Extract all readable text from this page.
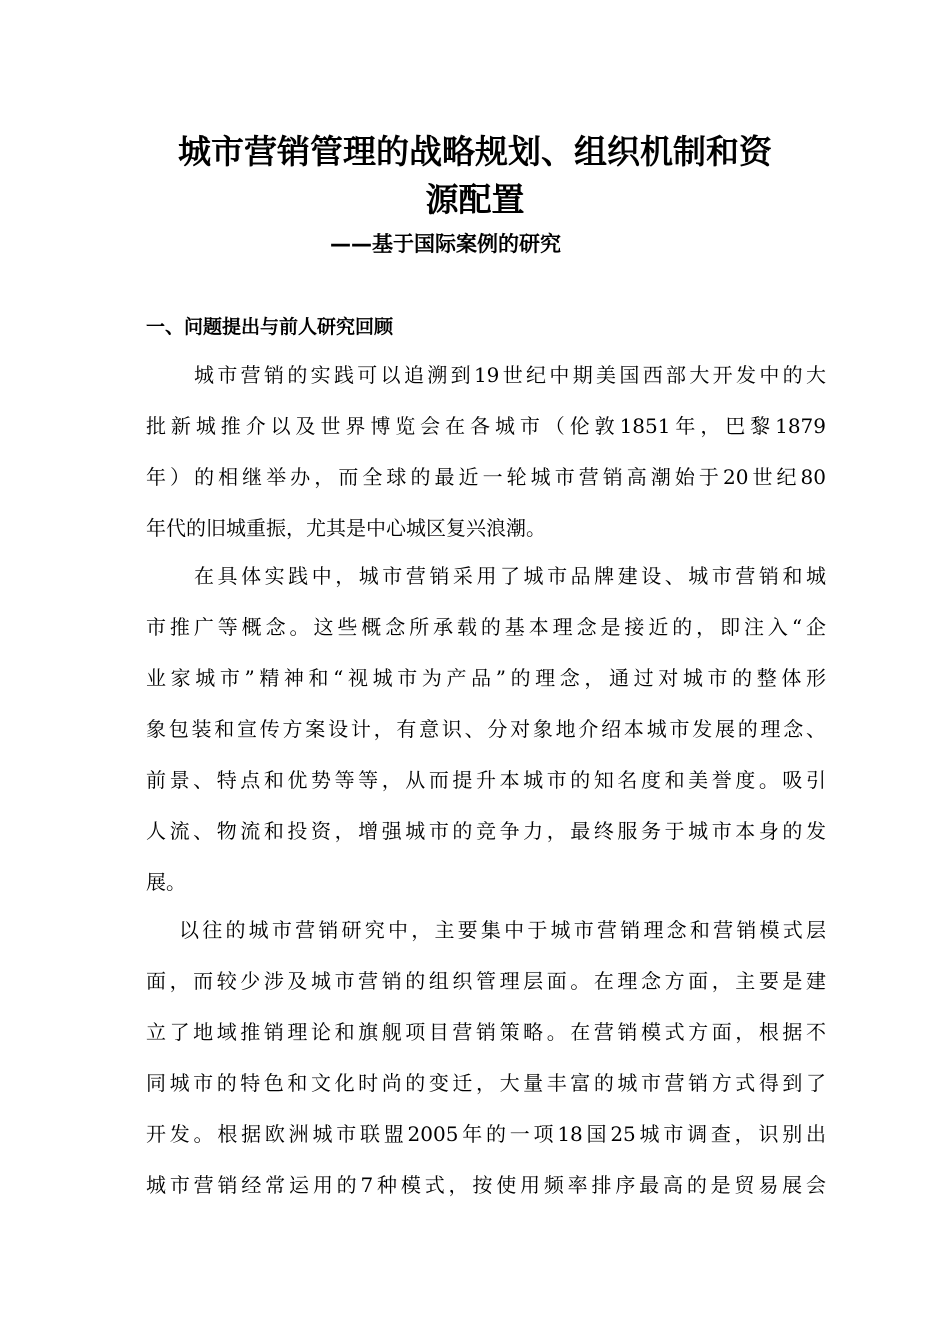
城市营销管理的战略规划、组织机制和资
源配置

——基于国际案例的研究

一、问题提出与前人研究回顾
城市营销的实践可以追溯到19世纪中期美国西部大开发中的大
批新城推介以及世界博览会在各城市（伦敦1851年，巴黎1879
年）的相继举办，而全球的最近一轮城市营销高潮始于20世纪80
年代的旧城重振，尤其是中心城区复兴浪潮。
在具体实践中，城市营销采用了城市品牌建设、城市营销和城
市推广等概念。这些概念所承载的基本理念是接近的，即注入“企
业家城市”精神和“视城市为产品”的理念，通过对城市的整体形
象包装和宣传方案设计，有意识、分对象地介绍本城市发展的理念、
前景、特点和优势等等，从而提升本城市的知名度和美誉度。吸引
人流、物流和投资，增强城市的竞争力，最终服务于城市本身的发
展。
以往的城市营销研究中，主要集中于城市营销理念和营销模式层
面，而较少涉及城市营销的组织管理层面。在理念方面，主要是建
立了地域推销理论和旗舰项目营销策略。在营销模式方面，根据不
同城市的特色和文化时尚的变迁，大量丰富的城市营销方式得到了
开发。根据欧洲城市联盟2005年的一项18国25城市调查，识别出
城市营销经常运用的7种模式，按使用频率排序最高的是贸易展会
